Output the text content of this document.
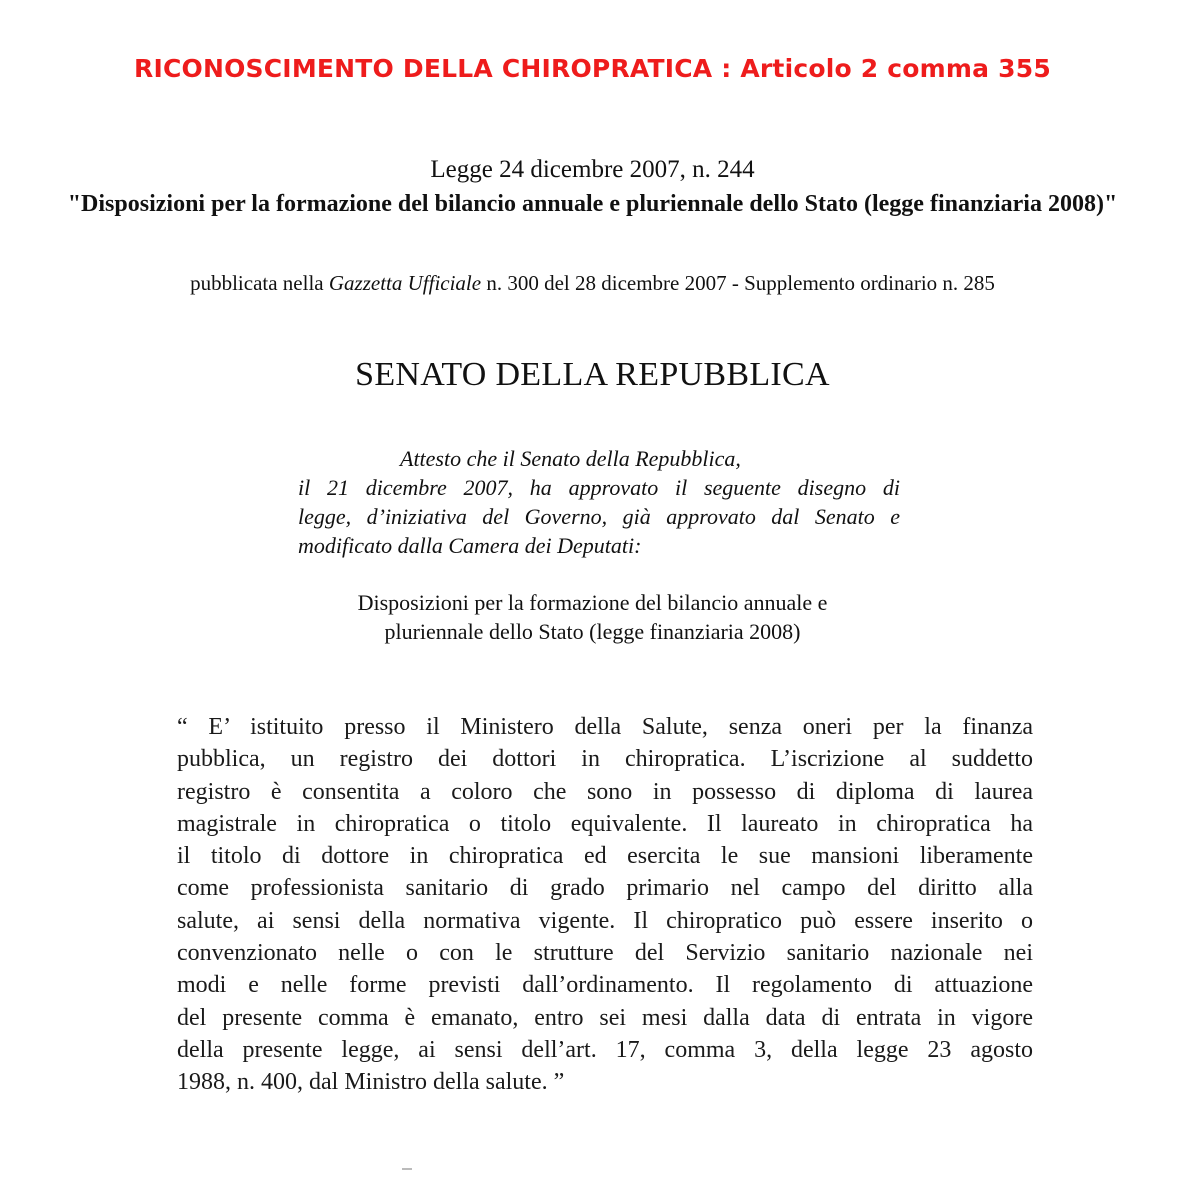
RICONOSCIMENTO DELLA CHIROPRATICA : Articolo 2 comma 355
Legge 24 dicembre 2007, n. 244
"Disposizioni per la formazione del bilancio annuale e pluriennale dello Stato (legge finanziaria 2008)"
pubblicata nella Gazzetta Ufficiale n. 300 del 28 dicembre 2007 - Supplemento ordinario n. 285
SENATO DELLA REPUBBLICA
Attesto che il Senato della Repubblica,
il 21 dicembre 2007, ha approvato il seguente disegno di
legge, d’iniziativa del Governo, già approvato dal Senato e
modificato dalla Camera dei Deputati:
Disposizioni per la formazione del bilancio annuale e
pluriennale dello Stato (legge finanziaria 2008)
“ E’ istituito presso il Ministero della Salute, senza oneri per la finanza
pubblica, un registro dei dottori in chiropratica. L’iscrizione al suddetto
registro è consentita a coloro che sono in possesso di diploma di laurea
magistrale in chiropratica o titolo equivalente. Il laureato in chiropratica ha
il titolo di dottore in chiropratica ed esercita le sue mansioni liberamente
come professionista sanitario di grado primario nel campo del diritto alla
salute, ai sensi della normativa vigente. Il chiropratico può essere inserito o
convenzionato nelle o con le strutture del Servizio sanitario nazionale nei
modi e nelle forme previsti dall’ordinamento. Il regolamento di attuazione
del presente comma è emanato, entro sei mesi dalla data di entrata in vigore
della presente legge, ai sensi dell’art. 17, comma 3, della legge 23 agosto
1988, n. 400, dal Ministro della salute. ”
